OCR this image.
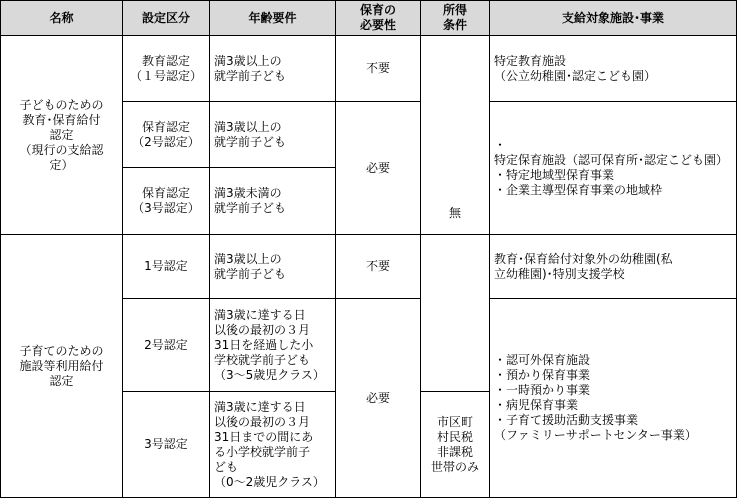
名称	設定区分	年齢要件
保育の
必要性
所得
条件
支給対象施設･事業
子どものための
教育･保育給付
認定
（現行の支給認
定）
教育認定
（１号認定）
保育認定
（2号認定）
保育認定
（3号認定）
満3歳以上の
就学前子ども
満3歳以上の
就学前子ども
満3歳未満の
就学前子ども
不要
必要
特定教育施設
（公立幼稚園･認定こども園）
・特定保育施設（認可保育所･認定こども園）
・特定地域型保育事業
・企業主導型保育事業の地域枠
無
市区町
村民税
非課税
世帯のみ
子育てのための
施設等利用給付
認定
1号認定
2号認定
3号認定
満3歳以上の
就学前子ども
満3歳に達する日
以後の最初の３月
31日を経過した小
学校就学前子ども
（3～5歳児クラス）
満3歳に達する日
以後の最初の３月
31日までの間にあ
る小学校就学前子
ども
（0～2歳児クラス）
不要
必要
教育･保育給付対象外の幼稚園(私
立幼稚園)･特別支援学校
・認可外保育施設
・預かり保育事業
・一時預かり事業
・病児保育事業
・子育て援助活動支援事業
（ファミリーサポートセンター事業）
